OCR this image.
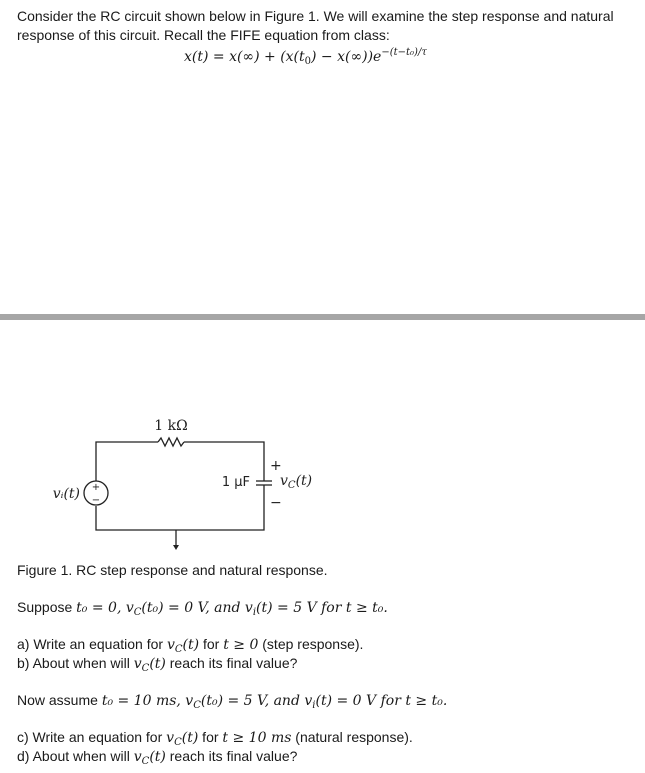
Consider the RC circuit shown below in Figure 1. We will examine the step response and natural
response of this circuit. Recall the FIFE equation from class:
$x(t) = x(\infty) + (x(t_0) - x(\infty))e^{-(t-t_0)/\tau}$
+
−
1 kΩ
1 µF
vᵢ(t)
+
−
$v_C(t)$
Figure 1. RC step response and natural response.
Suppose t₀ = 0, $v_C(t_0) = 0$ V, and $v_i(t) = 5$ V for t ≥ t₀.
a) Write an equation for $v_C(t)$ for t ≥ 0 (step response).
b) About when will $v_C(t)$ reach its final value?
Now assume t₀ = 10 ms, $v_C(t_0) = 5$ V, and $v_i(t) = 0$ V for t ≥ t₀.
c) Write an equation for $v_C(t)$ for t ≥ 10 ms (natural response).
d) About when will $v_C(t)$ reach its final value?
